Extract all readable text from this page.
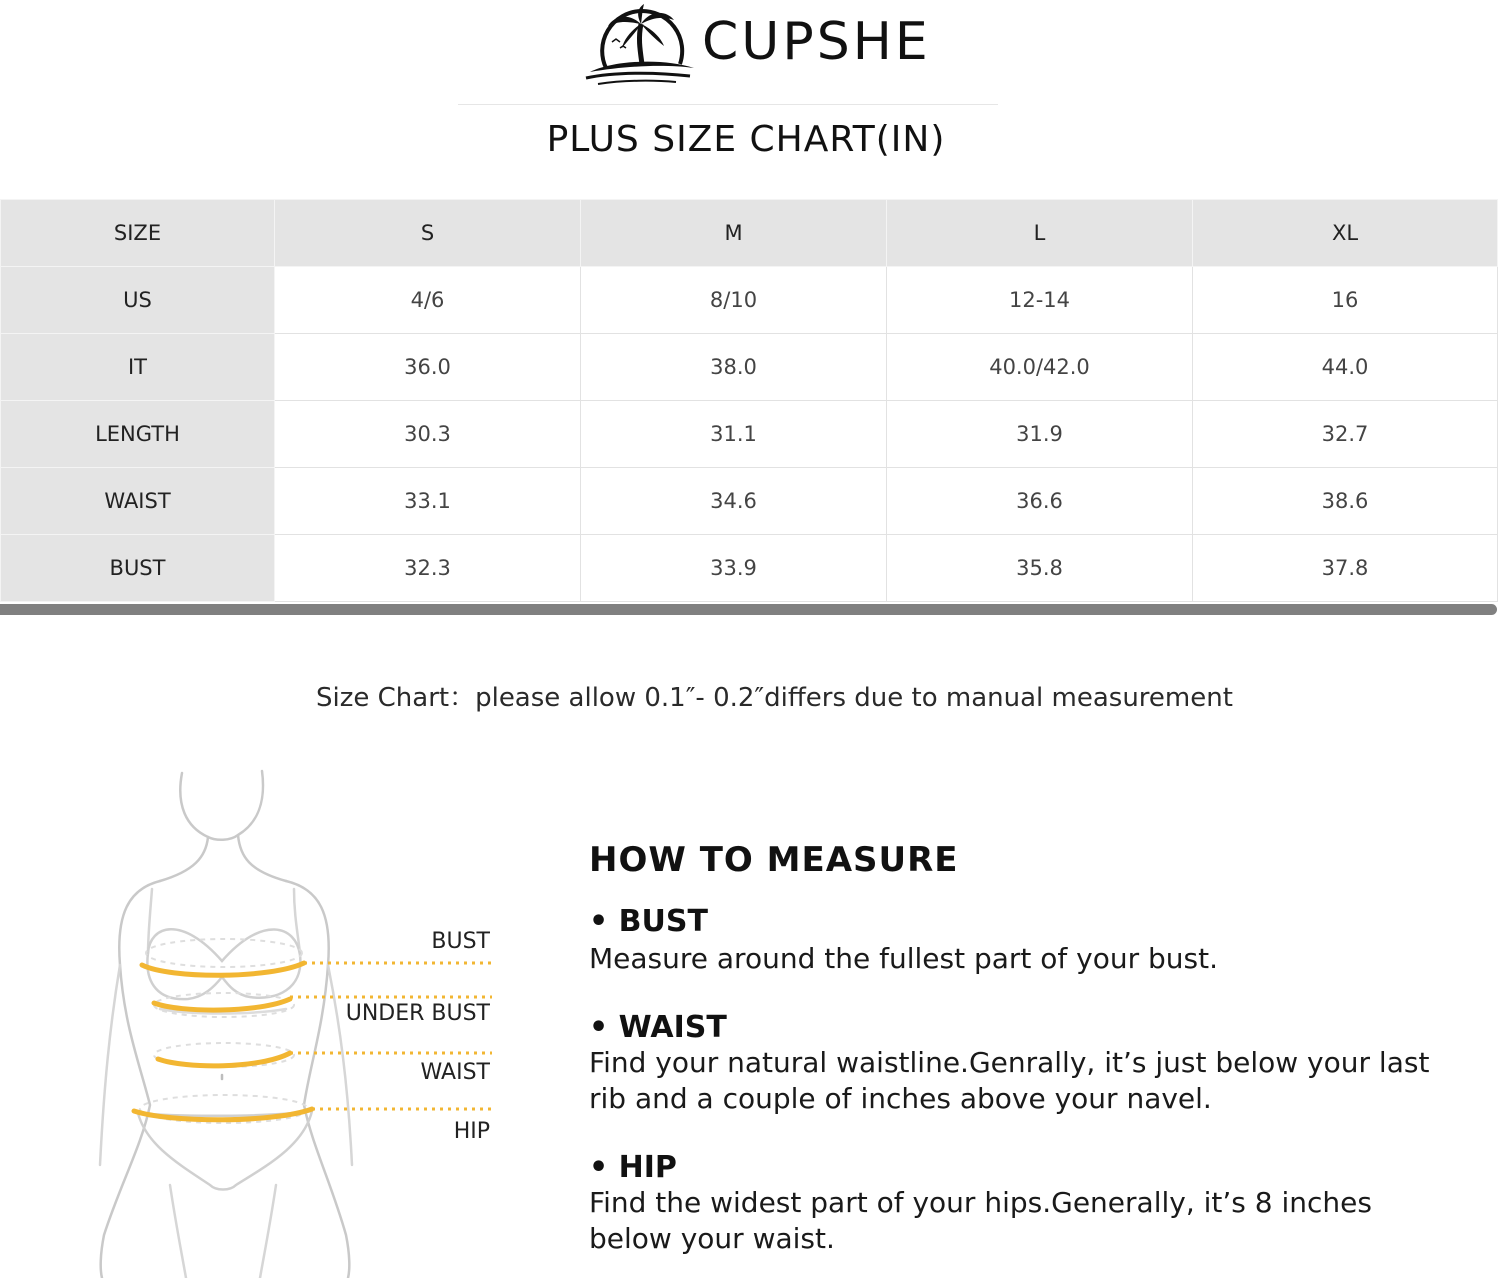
CUPSHE
PLUS SIZE CHART(IN)
SIZE	S	M	L	XL
US	4/6	8/10	12-14	16
IT	36.0	38.0	40.0/42.0	44.0
LENGTH	30.3	31.1	31.9	32.7
WAIST	33.1	34.6	36.6	38.6
BUST	32.3	33.9	35.8	37.8
Size Chart：please allow 0.1″- 0.2″differs due to manual measurement
BUST
UNDER BUST
WAIST
HIP
HOW TO MEASURE
• BUST
Measure around the fullest part of your bust.
• WAIST
Find your natural waistline.Genrally, it’s just below your last rib and a couple of inches above your navel.
• HIP
Find the widest part of your hips.Generally, it’s 8 inches below your waist.
